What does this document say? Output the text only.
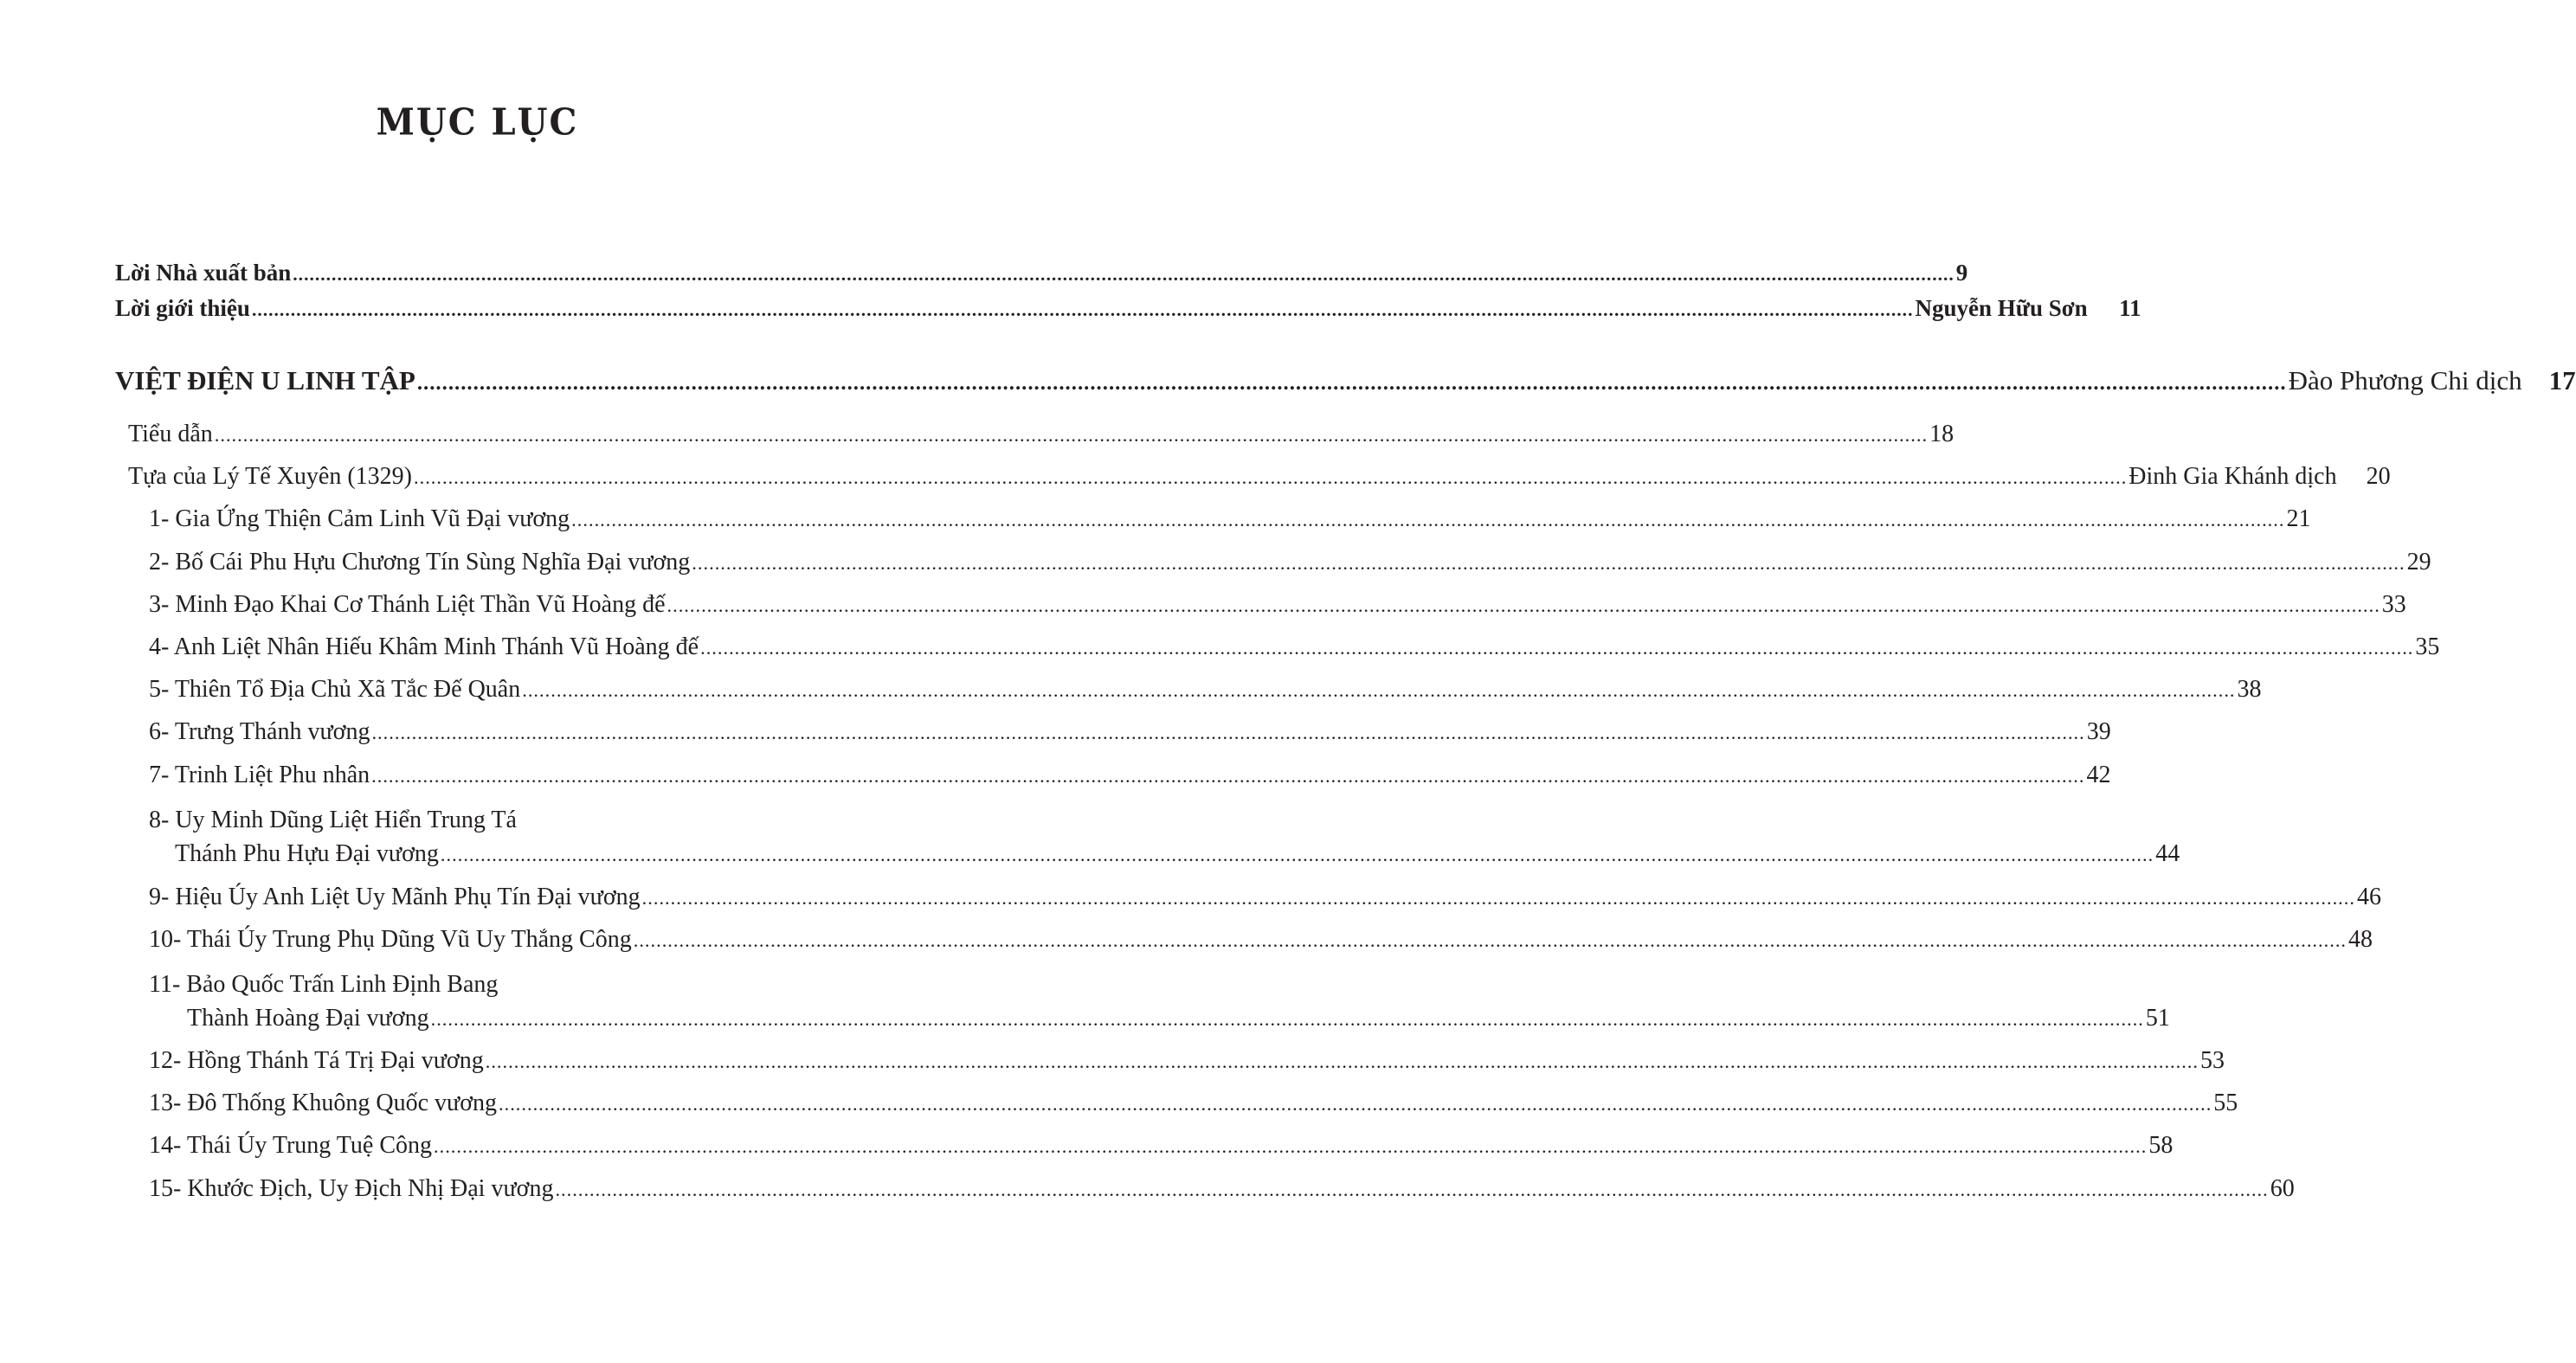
MỤC LỤC
Lời Nhà xuất bản ............................................................................................................................................................................................................................................................................................................ 9
Lời giới thiệu ............................................................................................................................................................................................................................................................................................................ Nguyễn Hữu Sơn	11
VIỆT ĐIỆN U LINH TẬP ............................................................................................................................................................................................................................................................................................................ Đào Phương Chi dịch	17
Tiểu dẫn ............................................................................................................................................................................................................................................................................................................ 18
Tựa của Lý Tế Xuyên (1329) ............................................................................................................................................................................................................................................................................................................ Đinh Gia Khánh dịch	20
1- Gia Ứng Thiện Cảm Linh Vũ Đại vương ............................................................................................................................................................................................................................................................................................................ 21
2- Bố Cái Phu Hựu Chương Tín Sùng Nghĩa Đại vương ............................................................................................................................................................................................................................................................................................................ 29
3- Minh Đạo Khai Cơ Thánh Liệt Thần Vũ Hoàng đế ............................................................................................................................................................................................................................................................................................................ 33
4- Anh Liệt Nhân Hiếu Khâm Minh Thánh Vũ Hoàng đế ............................................................................................................................................................................................................................................................................................................ 35
5- Thiên Tổ Địa Chủ Xã Tắc Đế Quân ............................................................................................................................................................................................................................................................................................................ 38
6- Trưng Thánh vương ............................................................................................................................................................................................................................................................................................................ 39
7- Trinh Liệt Phu nhân ............................................................................................................................................................................................................................................................................................................ 42
8- Uy Minh Dũng Liệt Hiển Trung Tá
Thánh Phu Hựu Đại vương ............................................................................................................................................................................................................................................................................................................ 44
9- Hiệu Úy Anh Liệt Uy Mãnh Phụ Tín Đại vương ............................................................................................................................................................................................................................................................................................................ 46
10- Thái Úy Trung Phụ Dũng Vũ Uy Thắng Công ............................................................................................................................................................................................................................................................................................................ 48
11- Bảo Quốc Trấn Linh Định Bang
Thành Hoàng Đại vương ............................................................................................................................................................................................................................................................................................................ 51
12- Hồng Thánh Tá Trị Đại vương ............................................................................................................................................................................................................................................................................................................ 53
13- Đô Thống Khuông Quốc vương ............................................................................................................................................................................................................................................................................................................ 55
14- Thái Úy Trung Tuệ Công ............................................................................................................................................................................................................................................................................................................ 58
15- Khước Địch, Uy Địch Nhị Đại vương ............................................................................................................................................................................................................................................................................................................ 60
